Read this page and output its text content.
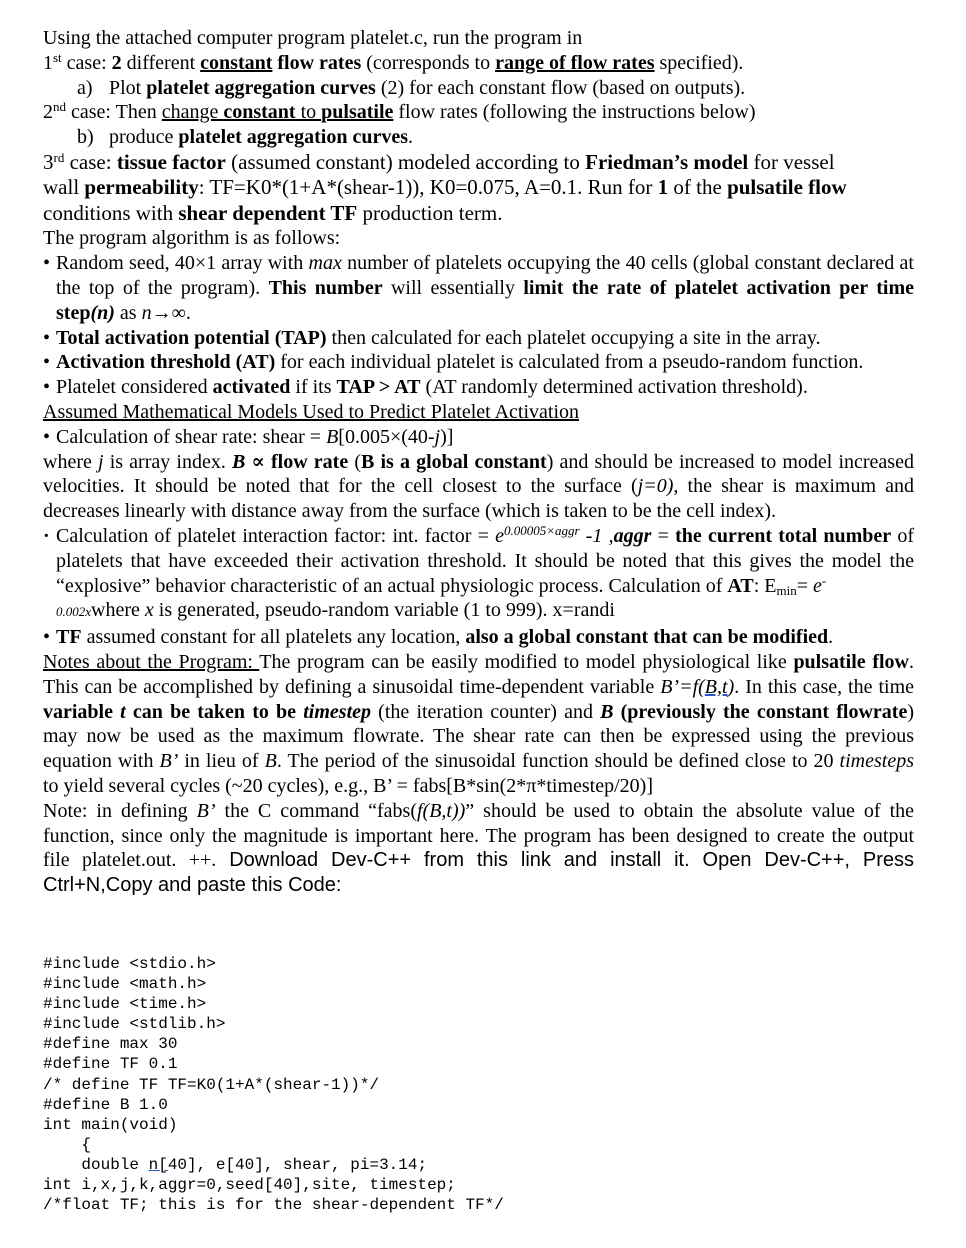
Using the attached computer program platelet.c, run the program in
1st case: 2 different constant flow rates (corresponds to range of flow rates specified).
a) Plot platelet aggregation curves (2) for each constant flow (based on outputs).
2nd case: Then change constant to pulsatile flow rates (following the instructions below)
b) produce platelet aggregation curves.
3rd case: tissue factor (assumed constant) modeled according to Friedman’s model for vessel
wall permeability: TF=K0*(1+A*(shear-1)), K0=0.075, A=0.1. Run for 1 of the pulsatile flow
conditions with shear dependent TF production term.
The program algorithm is as follows:
• Random seed, 40×1 array with max number of platelets occupying the 40 cells (global constant declared at the top of the program). This number will essentially limit the rate of platelet activation per time step(n) as n→∞.
• Total activation potential (TAP) then calculated for each platelet occupying a site in the array.
• Activation threshold (AT) for each individual platelet is calculated from a pseudo-random function.
• Platelet considered activated if its TAP > AT (AT randomly determined activation threshold).
Assumed Mathematical Models Used to Predict Platelet Activation
• Calculation of shear rate: shear = B[0.005×(40-j)]
where j is array index. B ∝ flow rate (B is a global constant) and should be increased to model increased velocities. It should be noted that for the cell closest to the surface (j=0), the shear is maximum and decreases linearly with distance away from the surface (which is taken to be the cell index).
· Calculation of platelet interaction factor: int. factor = $e^{0.00005\times aggr}$ -1 ,aggr = the current total number of platelets that have exceeded their activation threshold. It should be noted that this gives the model the “explosive” behavior characteristic of an actual physiologic process. Calculation of AT: $E_{min}= e^-$
0.002xwhere x is generated, pseudo-random variable (1 to 999). x=randi
• TF assumed constant for all platelets any location, also a global constant that can be modified.
Notes about the Program: The program can be easily modified to model physiological like pulsatile flow. This can be accomplished by defining a sinusoidal time-dependent variable B’=f(B,t). In this case, the time variable t can be taken to be timestep (the iteration counter) and B (previously the constant flowrate) may now be used as the maximum flowrate. The shear rate can then be expressed using the previous equation with B’ in lieu of B. The period of the sinusoidal function should be defined close to 20 timesteps to yield several cycles (~20 cycles), e.g., B’ = fabs[B*sin(2*π*timestep/20)]
Note: in defining B’ the C command “fabs(f(B,t))” should be used to obtain the absolute value of the function, since only the magnitude is important here. The program has been designed to create the output file platelet.out. ++. Download Dev-C++ from this link and install it. Open Dev-C++, Press Ctrl+N,Copy and paste this Code:
#include <stdio.h>
#include <math.h>
#include <time.h>
#include <stdlib.h>
#define max 30
#define TF 0.1
/* define TF TF=K0(1+A*(shear-1))*/
#define B 1.0
int main(void)
{
double n[40], e[40], shear, pi=3.14;
int i,x,j,k,aggr=0,seed[40],site, timestep;
/*float TF; this is for the shear-dependent TF*/
